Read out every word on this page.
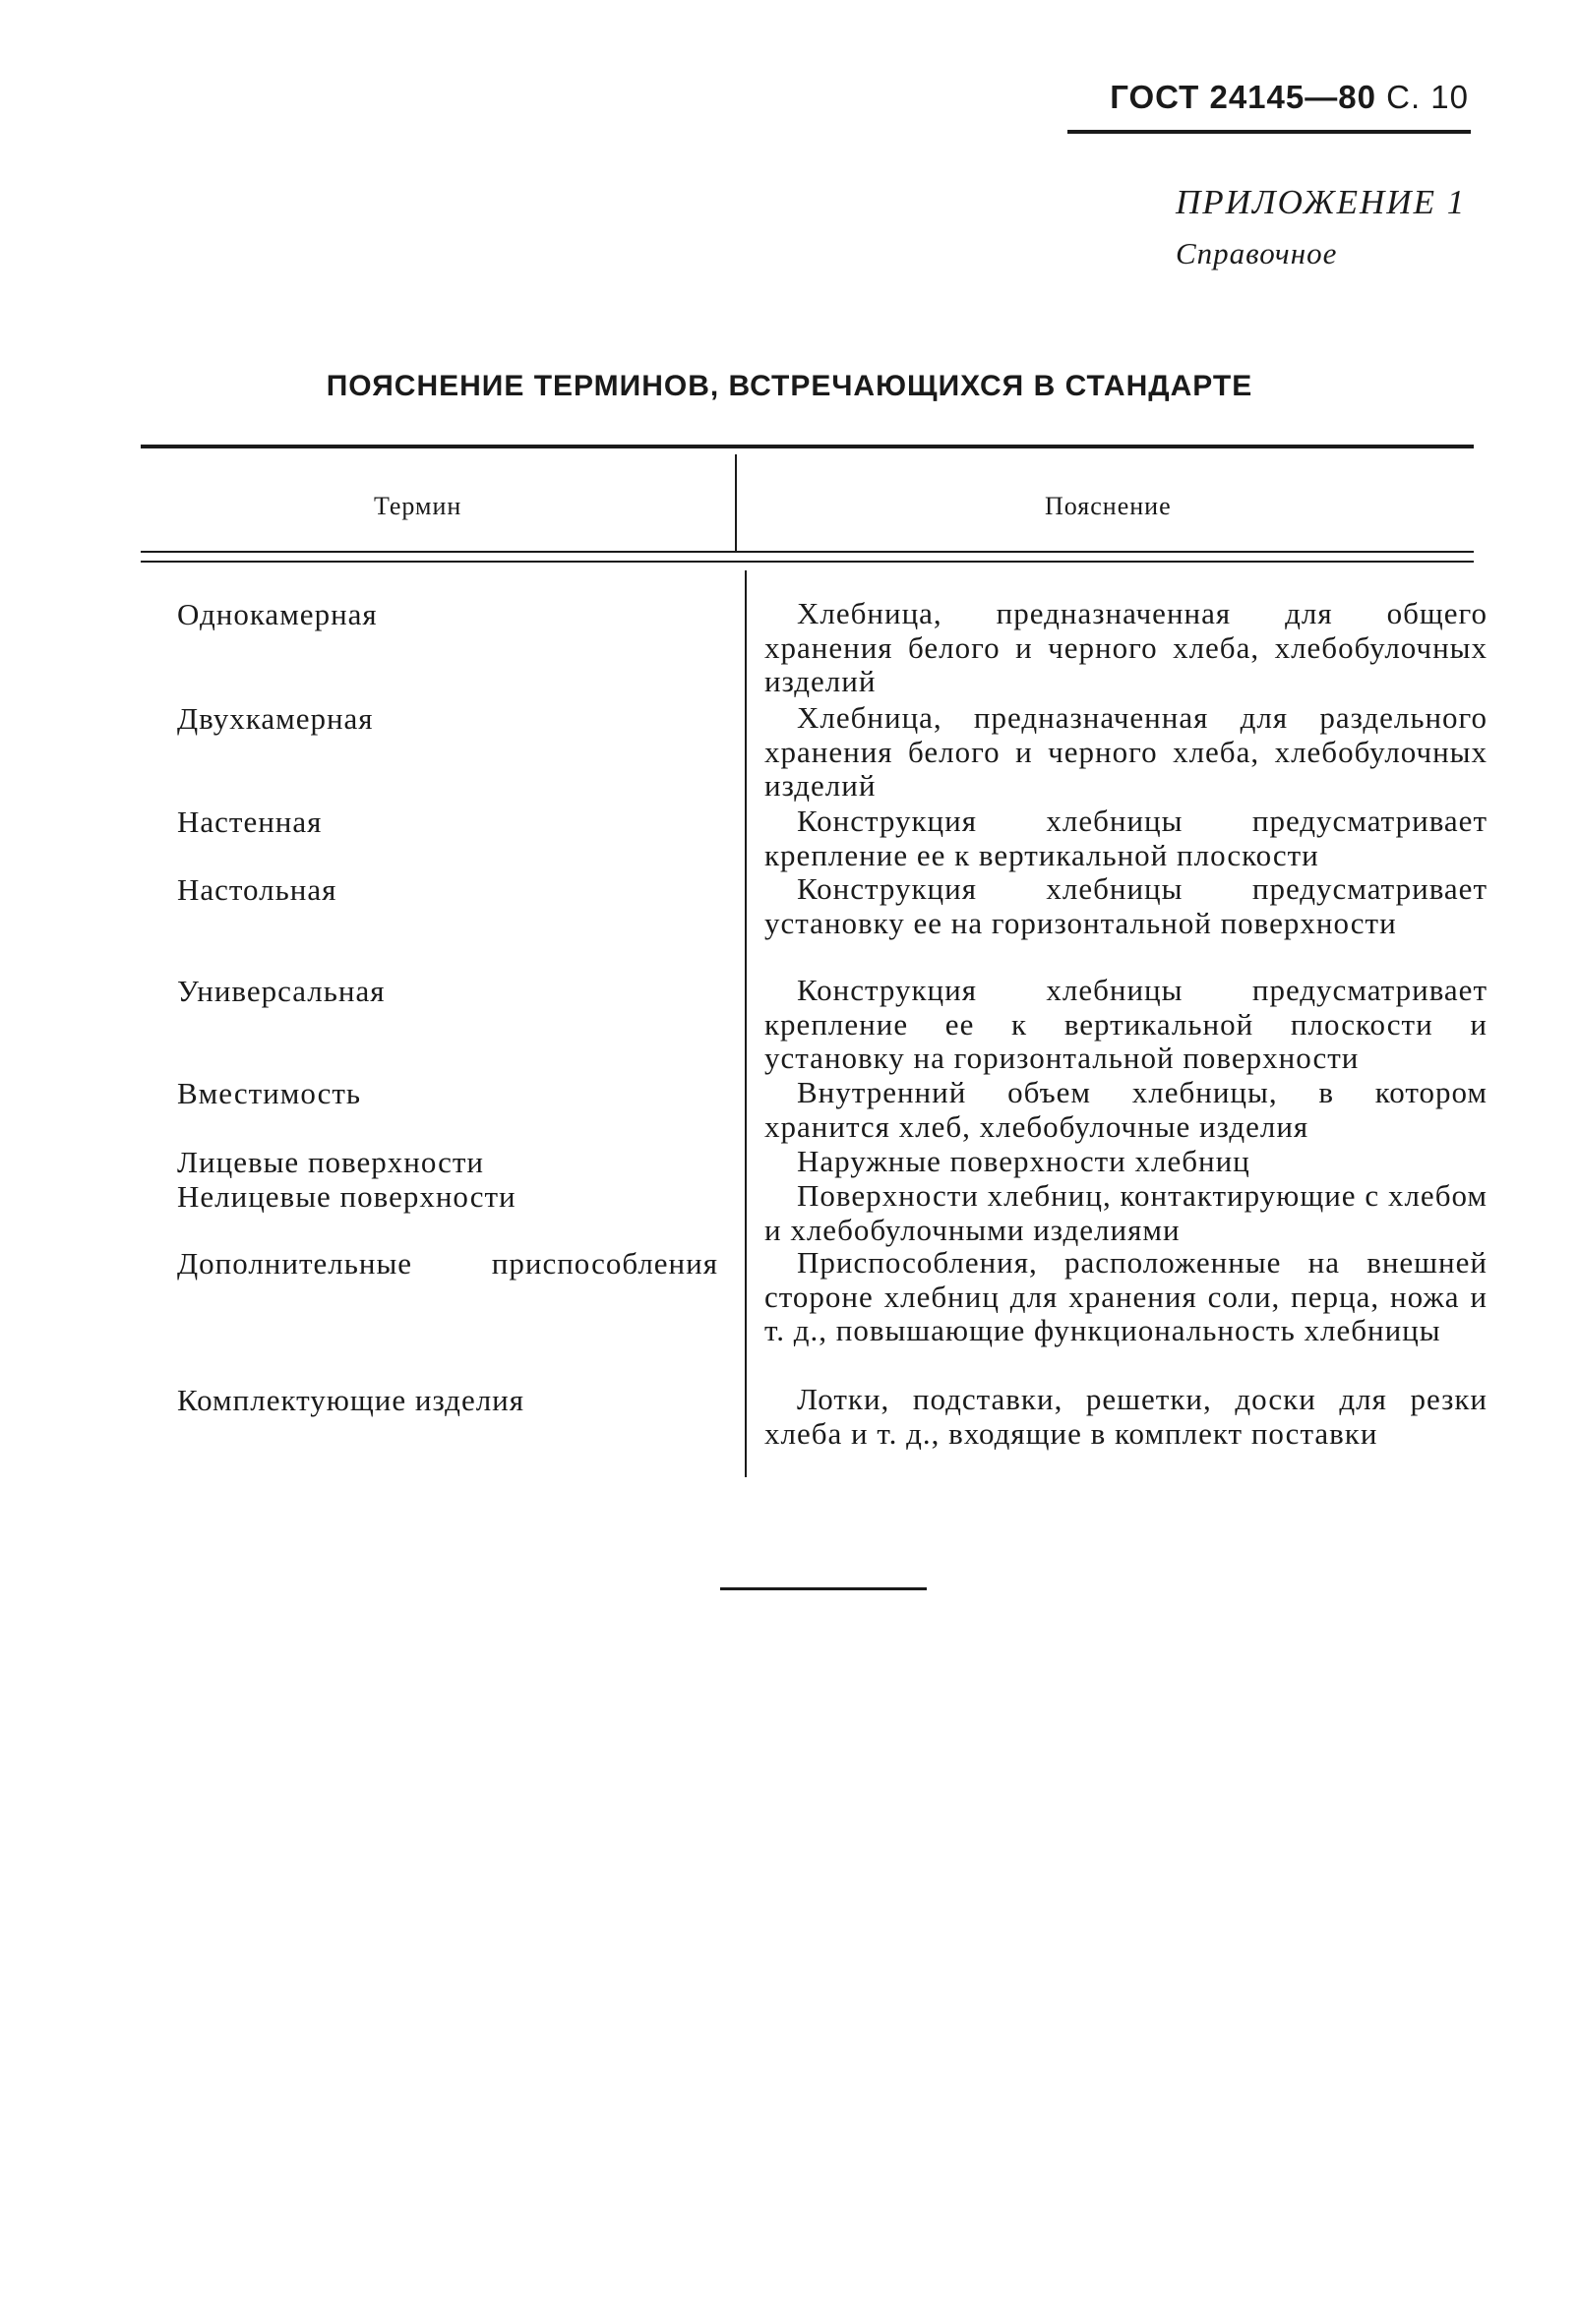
ГОСТ 24145—80 С. 10
ПРИЛОЖЕНИЕ 1
Справочное
ПОЯСНЕНИЕ ТЕРМИНОВ, ВСТРЕЧАЮЩИХСЯ В СТАНДАРТЕ
Термин	Пояснение
Однокамерная	Хлебница, предназначенная для общего хранения белого и черного хлеба, хлебобулочных изделий
Двухкамерная	Хлебница, предназначенная для раздельного хранения белого и черного хлеба, хлебобулочных изделий
Настенная	Конструкция хлебницы предусматривает крепление ее к вертикальной плоскости
Настольная	Конструкция хлебницы предусматривает установку ее на горизонтальной поверхности
Универсальная	Конструкция хлебницы предусматривает крепление ее к вертикальной плоскости и установку на горизонтальной поверхности
Вместимость	Внутренний объем хлебницы, в котором хранится хлеб, хлебобулочные изделия
Лицевые поверхности	Наружные поверхности хлебниц
Нелицевые поверхности	Поверхности хлебниц, контактирующие с хлебом и хлебобулочными изделиями
Дополнительные приспособления	Приспособления, расположенные на внешней стороне хлебниц для хранения соли, перца, ножа и т. д., повышающие функциональность хлебницы
Комплектующие изделия	Лотки, подставки, решетки, доски для резки хлеба и т. д., входящие в комплект поставки
